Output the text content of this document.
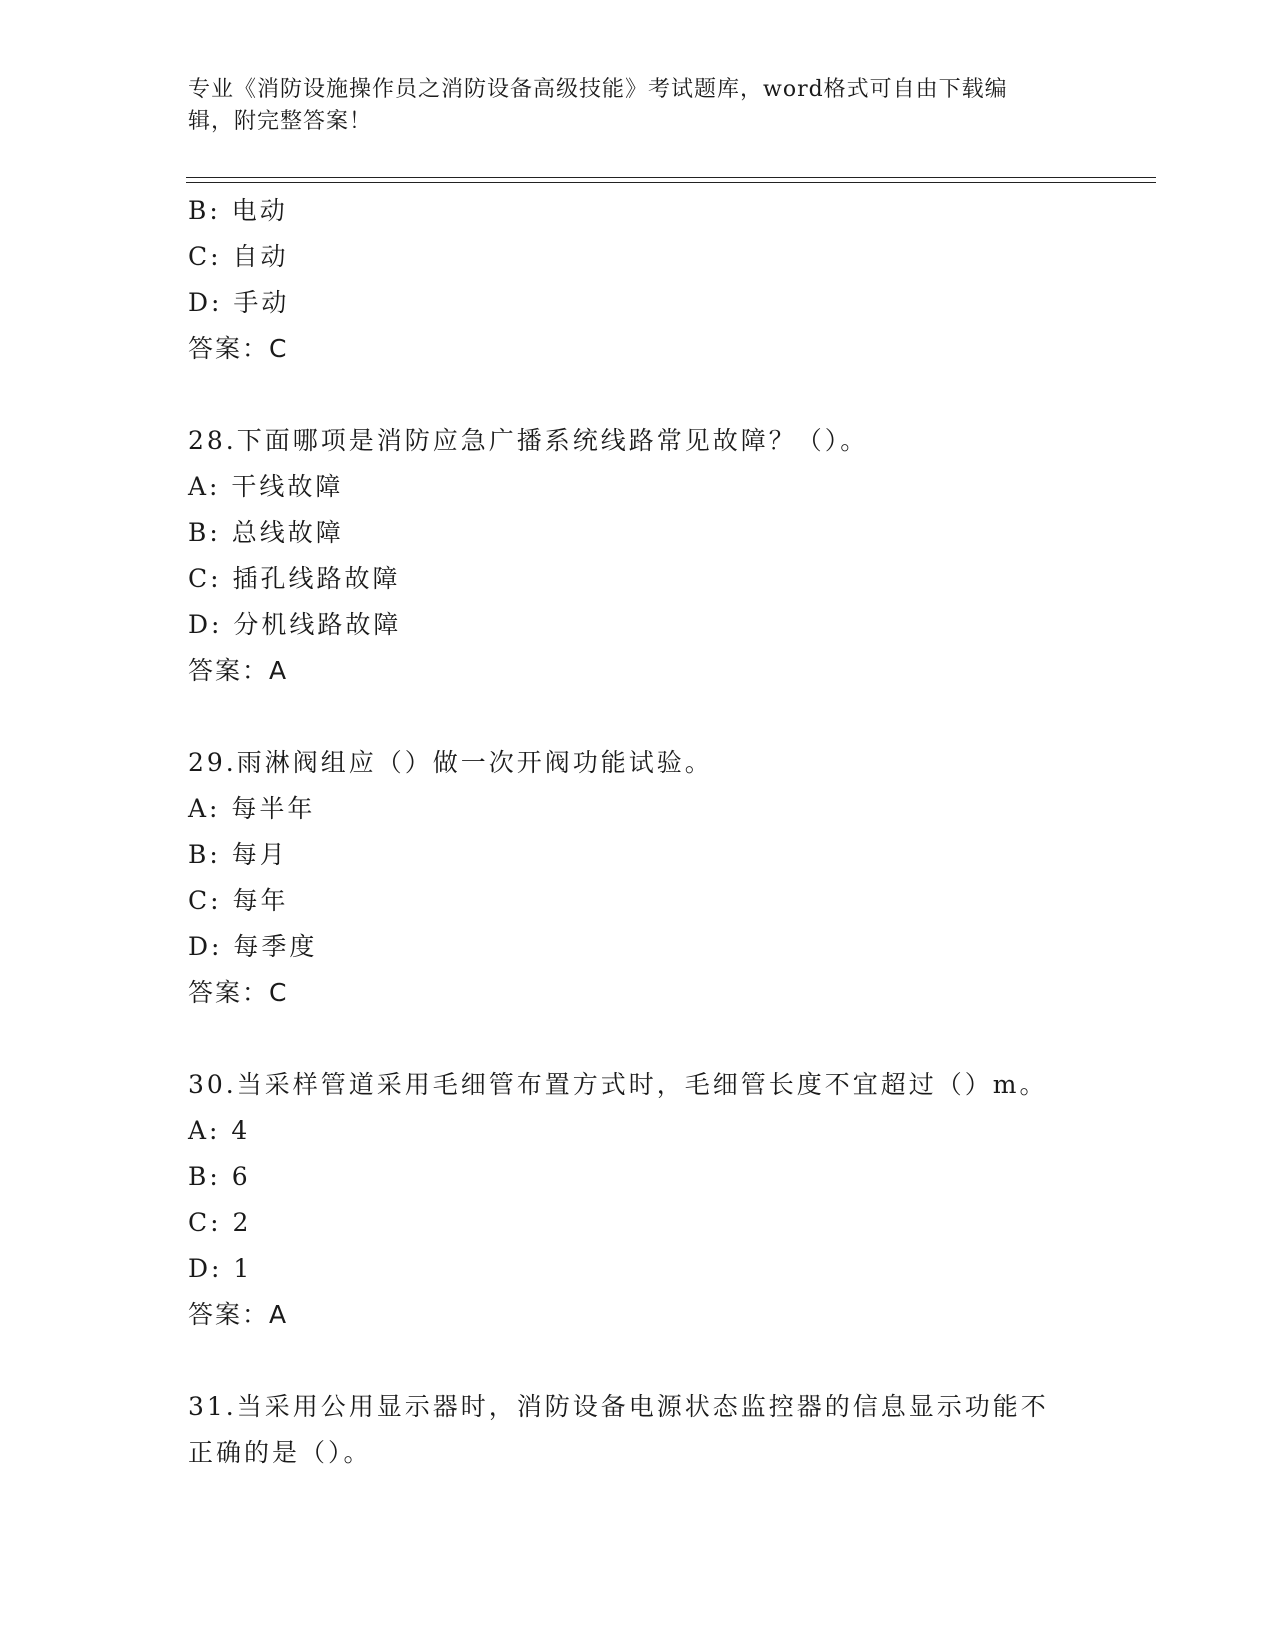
专业《消防设施操作员之消防设备高级技能》考试题库，word格式可自由下载编
辑，附完整答案！
B: 电动
C: 自动
D: 手动
答案：C
28.下面哪项是消防应急广播系统线路常见故障？（）。
A: 干线故障
B: 总线故障
C: 插孔线路故障
D: 分机线路故障
答案：A
29.雨淋阀组应（）做一次开阀功能试验。
A: 每半年
B: 每月
C: 每年
D: 每季度
答案：C
30.当采样管道采用毛细管布置方式时，毛细管长度不宜超过（）m。
A: 4
B: 6
C: 2
D: 1
答案：A
31.当采用公用显示器时，消防设备电源状态监控器的信息显示功能不
正确的是（）。
